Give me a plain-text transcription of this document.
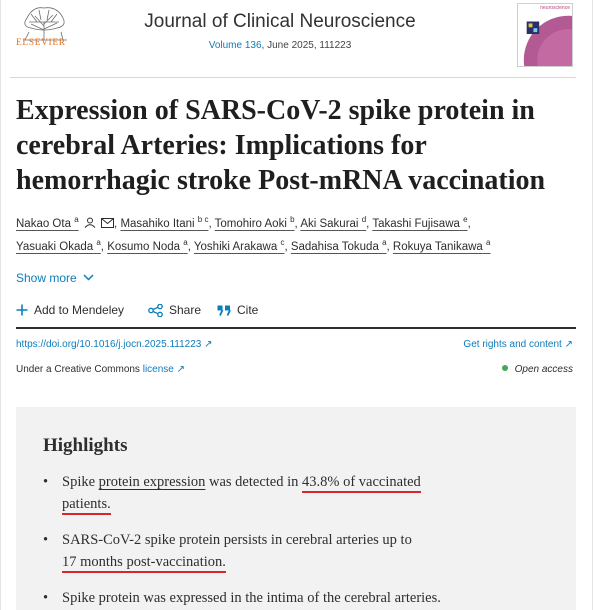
ELSEVIER
Journal of Clinical Neuroscience
Volume 136, June 2025, 111223
neuroscience
Expression of SARS-CoV-2 spike protein in cerebral Arteries: Implications for hemorrhagic stroke Post-mRNA vaccination
Nakao Ota $^a$	, Masahiko Itani $^{b c}$, Tomohiro Aoki $^b$, Aki Sakurai $^d$, Takashi Fujisawa $^e$,
Yasuaki Okada $^a$, Kosumo Noda $^a$, Yoshiki Arakawa $^c$, Sadahisa Tokuda $^a$, Rokuya Tanikawa $^a$
Show more
Add to Mendeley	Share	Cite
https://doi.org/10.1016/j.jocn.2025.111223 ↗	Get rights and content ↗
Under a Creative Commons license ↗	Open access
Highlights
• Spike protein expression was detected in 43.8% of vaccinated
patients.
• SARS-CoV-2 spike protein persists in cerebral arteries up to
17 months post-vaccination.
• Spike protein was expressed in the intima of the cerebral arteries.
